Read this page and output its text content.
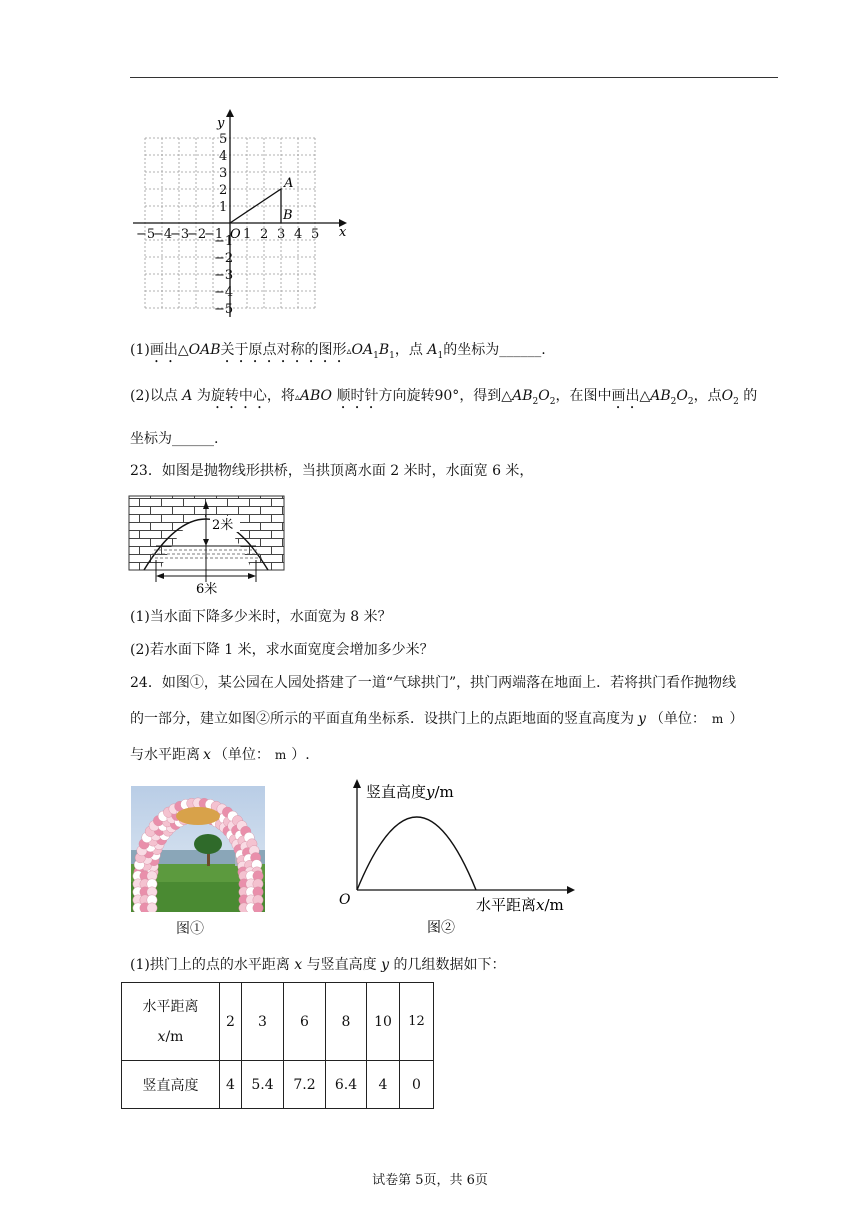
−5
−4
−3
−2
−1 1 2 3 4 5
5
4
3
2
1
−1
−2
−3
−4
−5
x
y
O
A
B
(1)画出△OAB关于原点对称的图形$▵OA_1B_1$，点 $A_1$的坐标为______.
(2)以点 A 为旋转中心，将▵ABO 顺时针方向旋转90°，得到$\triangle AB_2O_2$，在图中画出$\triangle AB_2O_2$，点$O_2$ 的
坐标为______.
23．如图是抛物线形拱桥，当拱顶离水面 2 米时，水面宽 6 米，
2米
6米
(1)当水面下降多少米时，水面宽为 8 米？
(2)若水面下降 1 米，求水面宽度会增加多少米？
24．如图①，某公园在人园处搭建了一道“气球拱门”，拱门两端落在地面上．若将拱门看作抛物线
的一部分，建立如图②所示的平面直角坐标系．设拱门上的点距地面的竖直高度为 y （单位： m ）
与水平距离 x （单位： m ）.
图①
竖直高度y/m
O	水平距离x/m
图②
(1)拱门上的点的水平距离 x 与竖直高度 y 的几组数据如下：
水平距离
x/m	2	3	6	8	10	12
竖直高度	4	5.4	7.2	6.4	4	0
试卷第 5页，共 6页
